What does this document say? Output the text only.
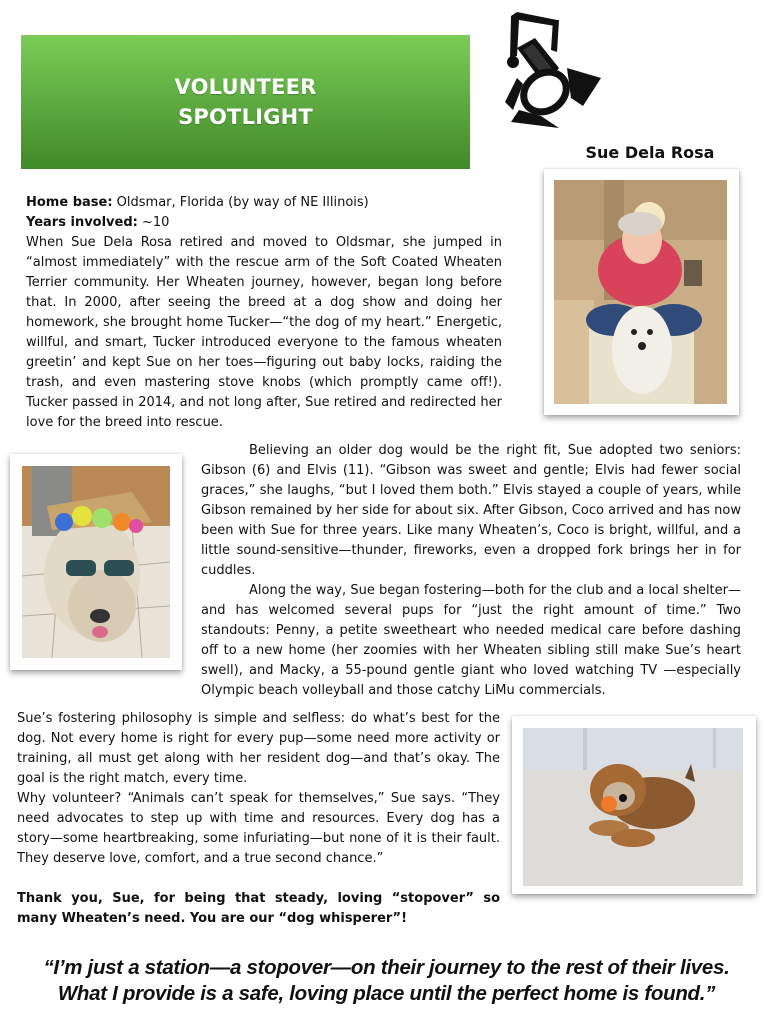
VOLUNTEER
SPOTLIGHT
Sue Dela Rosa
Home base: Oldsmar, Florida (by way of NE Illinois)
Years involved: ~10

When Sue Dela Rosa retired and moved to Oldsmar, she jumped in “almost immediately” with the rescue arm of the Soft Coated Wheaten Terrier community. Her Wheaten journey, however, began long before that. In 2000, after seeing the breed at a dog show and doing her homework, she brought home Tucker—“the dog of my heart.” Energetic, willful, and smart, Tucker introduced everyone to the famous wheaten greetin’ and kept Sue on her toes—figuring out baby locks, raiding the trash, and even mastering stove knobs (which promptly came off!). Tucker passed in 2014, and not long after, Sue retired and redirected her love for the breed into rescue.

Believing an older dog would be the right fit, Sue adopted two seniors: Gibson (6) and Elvis (11). “Gibson was sweet and gentle; Elvis had fewer social graces,” she laughs, “but I loved them both.” Elvis stayed a couple of years, while Gibson remained by her side for about six. After Gibson, Coco arrived and has now been with Sue for three years. Like many Wheaten’s, Coco is bright, willful, and a little sound-sensitive—thunder, fireworks, even a dropped fork brings her in for cuddles.

Along the way, Sue began fostering—both for the club and a local shelter—and has welcomed several pups for “just the right amount of time.” Two standouts: Penny, a petite sweetheart who needed medical care before dashing off to a new home (her zoomies with her Wheaten sibling still make Sue’s heart swell), and Macky, a 55-pound gentle giant who loved watching TV —especially Olympic beach volleyball and those catchy LiMu commercials.

Sue’s fostering philosophy is simple and selfless: do what’s best for the dog. Not every home is right for every pup—some need more activity or training, all must get along with her resident dog—and that’s okay. The goal is the right match, every time.

Why volunteer? “Animals can’t speak for themselves,” Sue says. “They need advocates to step up with time and resources. Every dog has a story—some heartbreaking, some infuriating—but none of it is their fault. They deserve love, comfort, and a true second chance.”

Thank you, Sue, for being that steady, loving “stopover” so many Wheaten’s need. You are our “dog whisperer”!

“I’m just a station—a stopover—on their journey to the rest of their lives.
What I provide is a safe, loving place until the perfect home is found.”
